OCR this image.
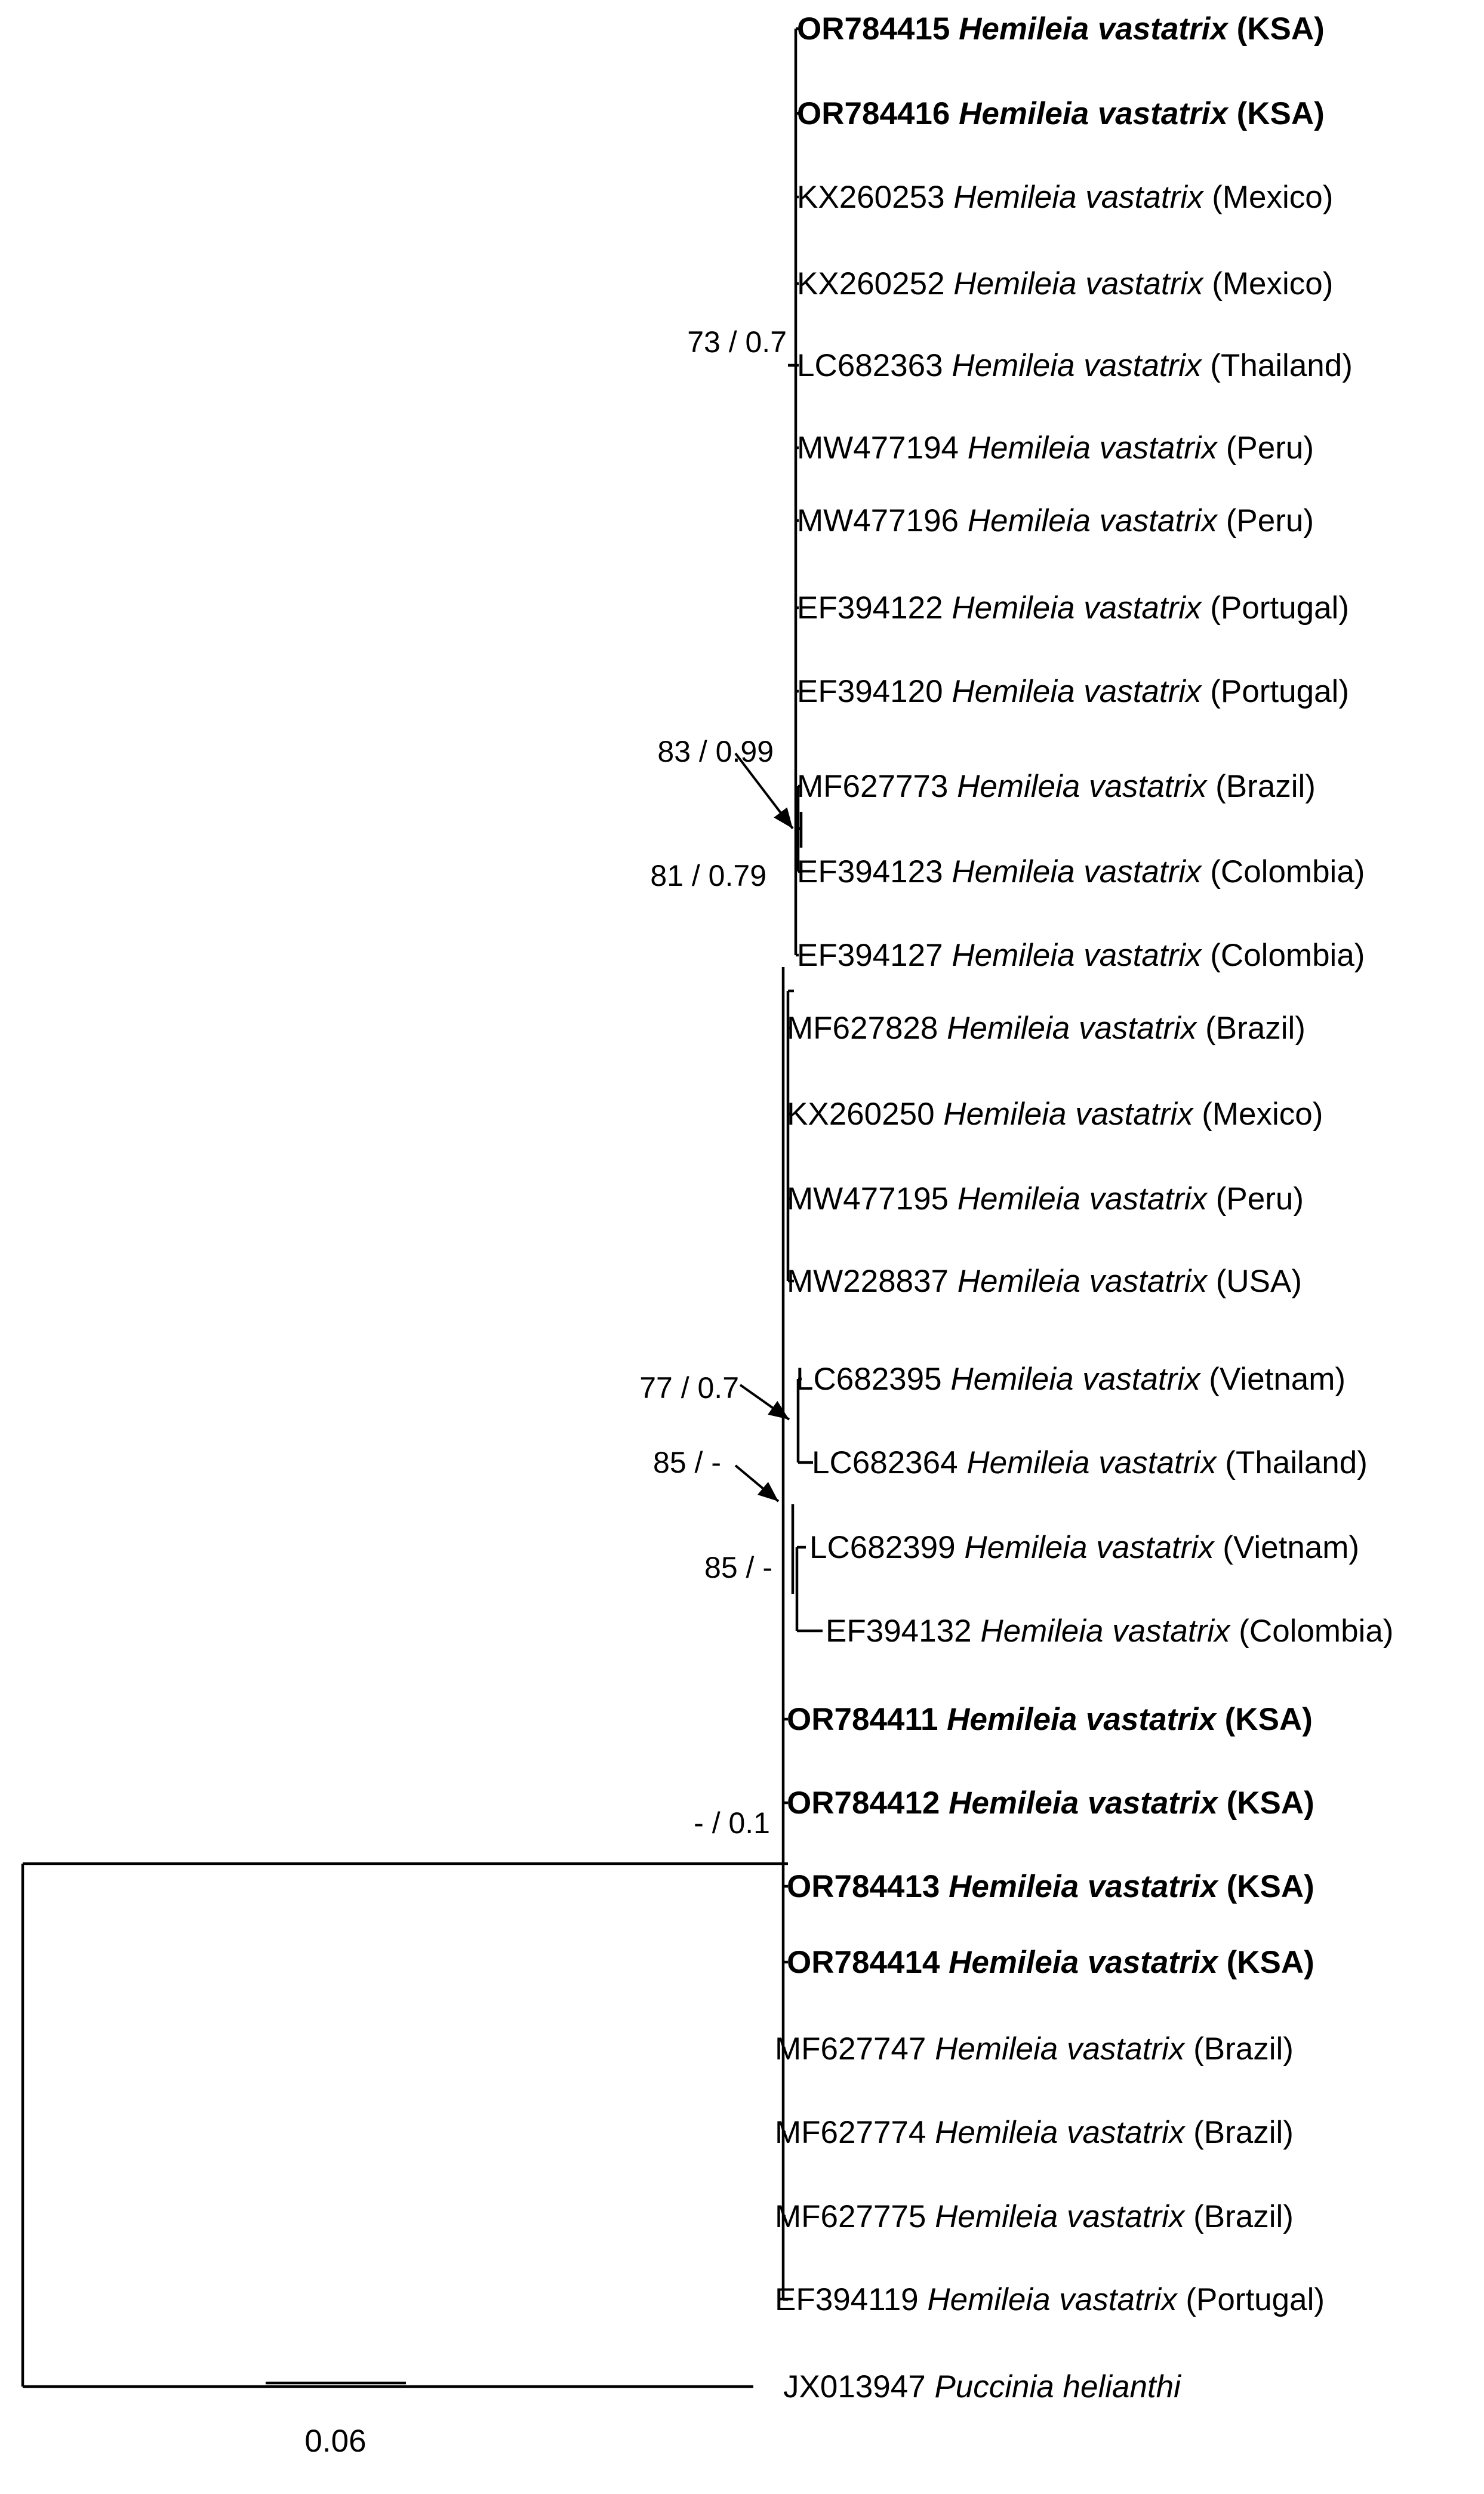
OR784415 Hemileia vastatrix (KSA)
OR784416 Hemileia vastatrix (KSA)
KX260253 Hemileia vastatrix (Mexico)
KX260252 Hemileia vastatrix (Mexico)
LC682363 Hemileia vastatrix (Thailand)
MW477194 Hemileia vastatrix (Peru)
MW477196 Hemileia vastatrix (Peru)
EF394122 Hemileia vastatrix (Portugal)
EF394120 Hemileia vastatrix (Portugal)
MF627773 Hemileia vastatrix (Brazil)
EF394123 Hemileia vastatrix (Colombia)
EF394127 Hemileia vastatrix (Colombia)
MF627828 Hemileia vastatrix (Brazil)
KX260250 Hemileia vastatrix (Mexico)
MW477195 Hemileia vastatrix (Peru)
MW228837 Hemileia vastatrix (USA)
LC682395 Hemileia vastatrix (Vietnam)
LC682364 Hemileia vastatrix (Thailand)
LC682399 Hemileia vastatrix (Vietnam)
EF394132 Hemileia vastatrix (Colombia)
OR784411 Hemileia vastatrix (KSA)
OR784412 Hemileia vastatrix (KSA)
OR784413 Hemileia vastatrix (KSA)
OR784414 Hemileia vastatrix (KSA)
MF627747 Hemileia vastatrix (Brazil)
MF627774 Hemileia vastatrix (Brazil)
MF627775 Hemileia vastatrix (Brazil)
EF394119 Hemileia vastatrix (Portugal)
JX013947 Puccinia helianthi
73 / 0.7
83 / 0.99
81 / 0.79
77 / 0.7
85 / -
85 / -
- / 0.1
0.06
